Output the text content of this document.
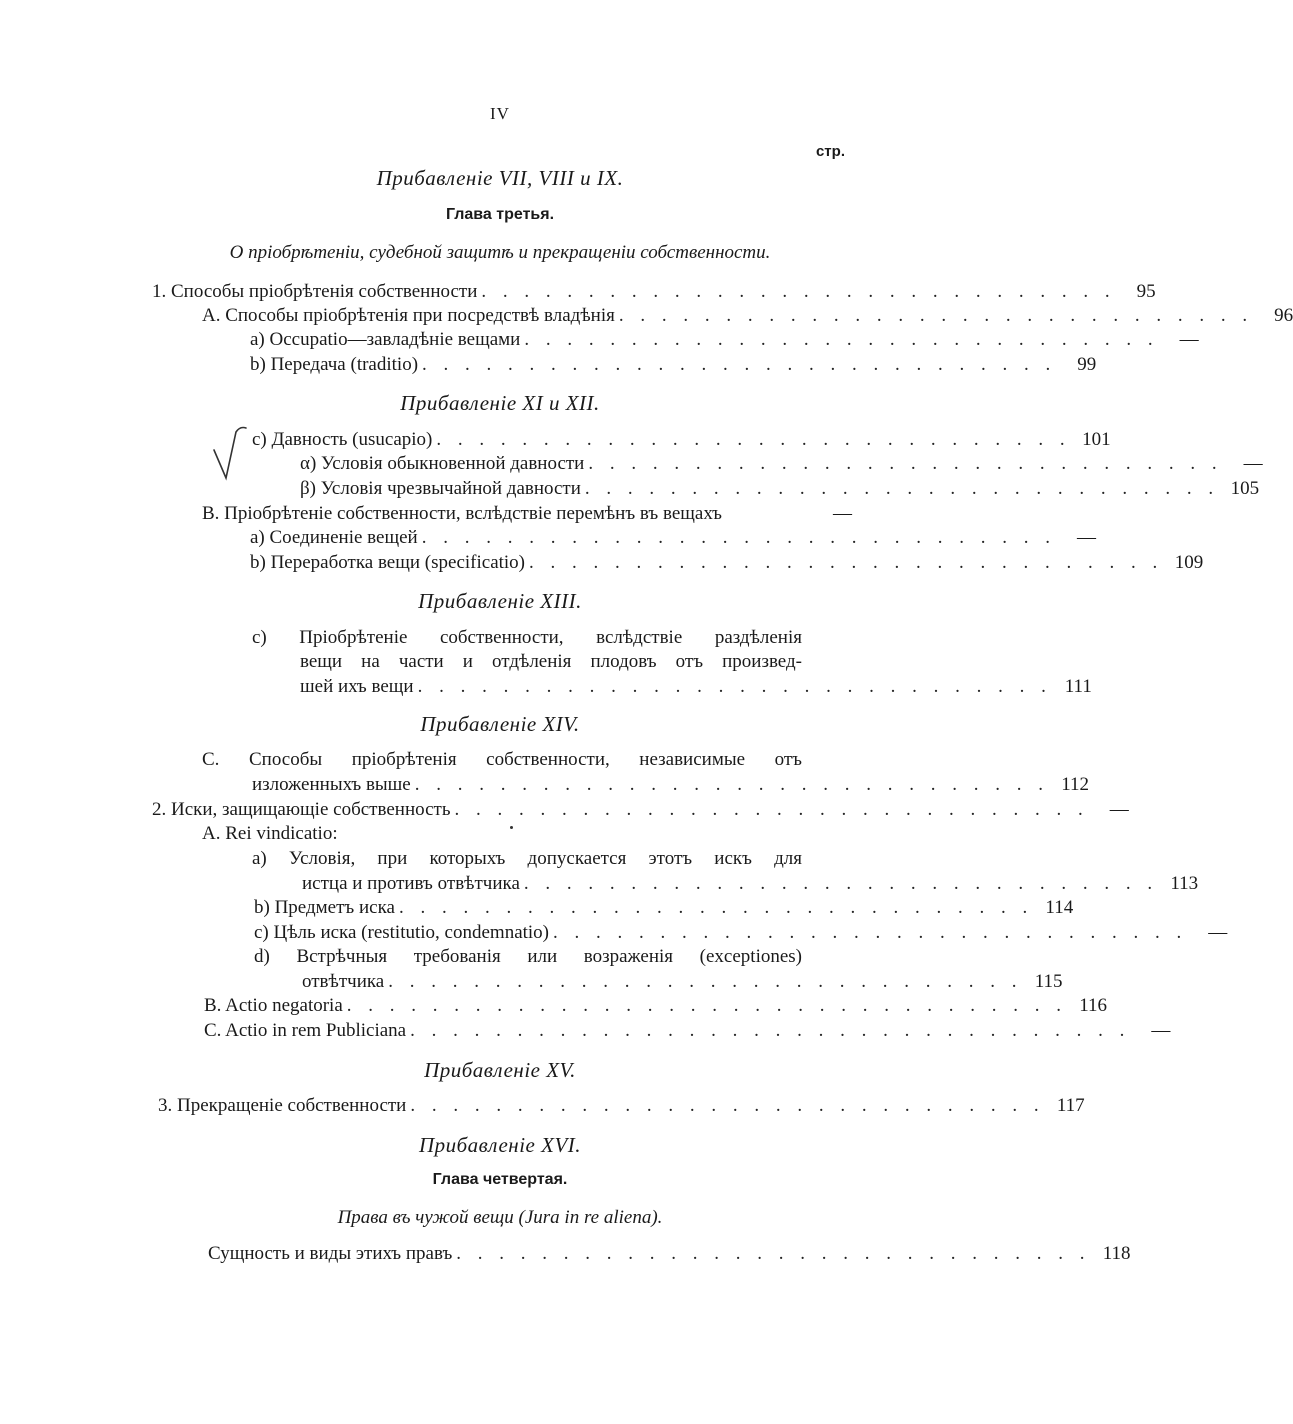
IV
стр.
Прибавленіе VII, VIII и IX.
Глава третья.
О пріобрѣтеніи, судебной защитѣ и прекращеніи собственности.
1. Способы пріобрѣтенія собственности . . . . . . . . . . . . . . . . . . . . . . . . . . . . . .	95
A. Способы пріобрѣтенія при посредствѣ владѣнія . . . . . . . . . . . . . . . . . . . . . . . . . . . . . .	96
a) Occupatio—завладѣніе вещами . . . . . . . . . . . . . . . . . . . . . . . . . . . . . .	—
b) Передача (traditio) . . . . . . . . . . . . . . . . . . . . . . . . . . . . . .	99
Прибавленіе XI и XII.
c) Давность (usucapio) . . . . . . . . . . . . . . . . . . . . . . . . . . . . . . 101
α) Условія обыкновенной давности . . . . . . . . . . . . . . . . . . . . . . . . . . . . . .	—
β) Условія чрезвычайной давности . . . . . . . . . . . . . . . . . . . . . . . . . . . . . . 105
B. Пріобрѣтеніе собственности, вслѣдствіе перемѣнъ въ вещахъ	—
a) Соединеніе вещей . . . . . . . . . . . . . . . . . . . . . . . . . . . . . .	—
b) Переработка вещи (specificatio) . . . . . . . . . . . . . . . . . . . . . . . . . . . . . . 109
Прибавленіе XIII.
c) Пріобрѣтеніе собственности, вслѣдствіе раздѣленія
вещи на части и отдѣленія плодовъ отъ произвед-
шей ихъ вещи . . . . . . . . . . . . . . . . . . . . . . . . . . . . . . 111
Прибавленіе XIV.
C. Способы пріобрѣтенія собственности, независимые отъ
изложенныхъ выше . . . . . . . . . . . . . . . . . . . . . . . . . . . . . . 112
2. Иски, защищающіе собственность . . . . . . . . . . . . . . . . . . . . . . . . . . . . . .	—
A. Rei vindicatio:
a) Условія, при которыхъ допускается этотъ искъ для
истца и противъ отвѣтчика . . . . . . . . . . . . . . . . . . . . . . . . . . . . . . 113
b) Предметъ иска . . . . . . . . . . . . . . . . . . . . . . . . . . . . . . 114
c) Цѣль иска (restitutio, condemnatio) . . . . . . . . . . . . . . . . . . . . . . . . . . . . . .	—
d) Встрѣчныя требованія или возраженія (exceptiones)
отвѣтчика . . . . . . . . . . . . . . . . . . . . . . . . . . . . . . 115
B. Actio negatoria . . . . . . . . . . . . . . . . . . . . . . . . . . . . . . . . . . 116
C. Actio in rem Publiciana . . . . . . . . . . . . . . . . . . . . . . . . . . . . . . . . . .	—
Прибавленіе XV.
3. Прекращеніе собственности . . . . . . . . . . . . . . . . . . . . . . . . . . . . . . 117
Прибавленіе XVI.
Глава четвертая.
Права въ чужой вещи (Jura in re aliena).
Сущность и виды этихъ правъ . . . . . . . . . . . . . . . . . . . . . . . . . . . . . . 118
